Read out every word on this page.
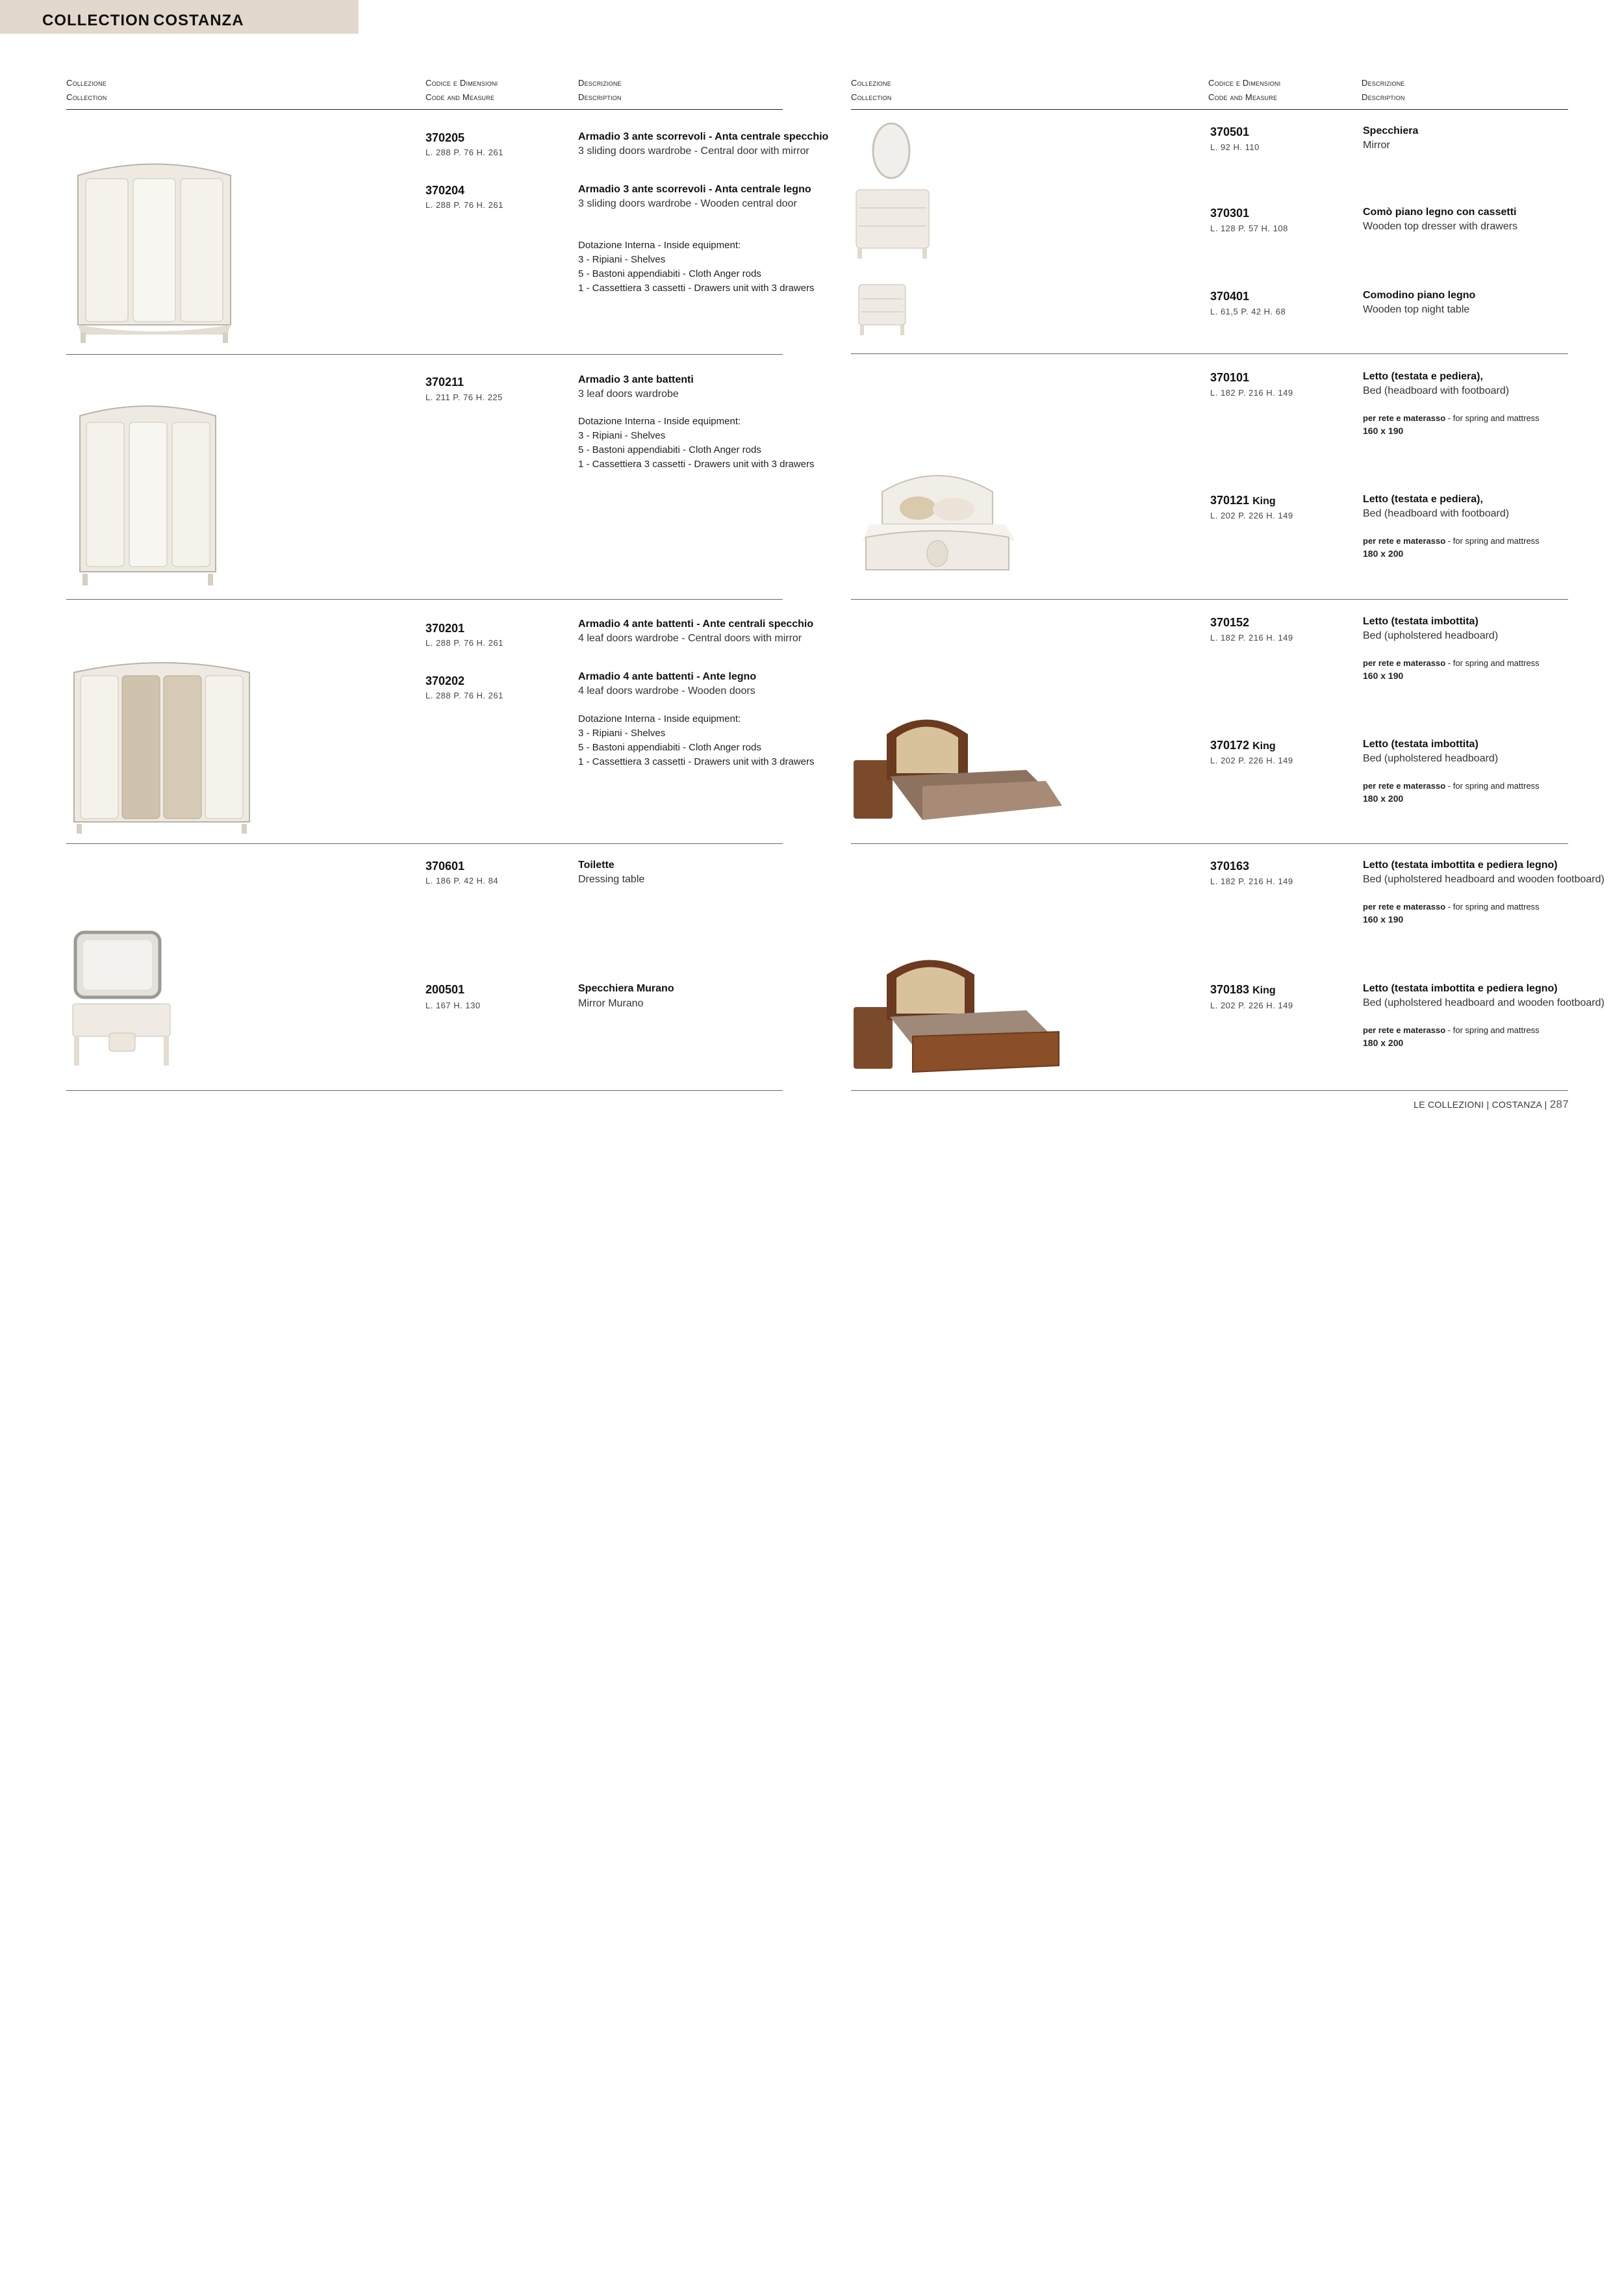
COLLECTION COSTANZA
Collezione
Collection
Codice e Dimensioni
Code and Measure
Descrizione
Description
370205
L. 288 P. 76 H. 261
Armadio 3 ante scorrevoli - Anta centrale specchio
3 sliding doors wardrobe - Central door with mirror
370204
L. 288 P. 76 H. 261
Armadio 3 ante scorrevoli - Anta centrale legno
3 sliding doors wardrobe - Wooden central door
Dotazione Interna - Inside equipment:
3 - Ripiani - Shelves
5 - Bastoni appendiabiti - Cloth Anger rods
1 - Cassettiera 3 cassetti - Drawers unit with 3 drawers
370211
L. 211 P. 76 H. 225
Armadio 3 ante battenti
3 leaf doors wardrobe
Dotazione Interna - Inside equipment:
3 - Ripiani - Shelves
5 - Bastoni appendiabiti - Cloth Anger rods
1 - Cassettiera 3 cassetti - Drawers unit with 3 drawers
370201
L. 288 P. 76 H. 261
Armadio 4 ante battenti - Ante centrali specchio
4 leaf doors wardrobe - Central doors with mirror
370202
L. 288 P. 76 H. 261
Armadio 4 ante battenti - Ante legno
4 leaf doors wardrobe - Wooden doors
Dotazione Interna - Inside equipment:
3 - Ripiani - Shelves
5 - Bastoni appendiabiti - Cloth Anger rods
1 - Cassettiera 3 cassetti - Drawers unit with 3 drawers
370601
L. 186 P. 42 H. 84
Toilette
Dressing table
200501
L. 167 H. 130
Specchiera Murano
Mirror Murano
Collezione
Collection
Codice e Dimensioni
Code and Measure
Descrizione
Description
370501
L. 92 H. 110
Specchiera
Mirror
370301
L. 128 P. 57 H. 108
Comò piano legno con cassetti
Wooden top dresser with drawers
370401
L. 61,5 P. 42 H. 68
Comodino piano legno
Wooden top night table
370101
L. 182 P. 216 H. 149
Letto (testata e pediera),
Bed (headboard with footboard)
per rete e materasso - for spring and mattress
160 x 190
370121 King
L. 202 P. 226 H. 149
Letto (testata e pediera),
Bed (headboard with footboard)
per rete e materasso - for spring and mattress
180 x 200
370152
L. 182 P. 216 H. 149
Letto (testata imbottita)
Bed (upholstered headboard)
per rete e materasso - for spring and mattress
160 x 190
370172 King
L. 202 P. 226 H. 149
Letto (testata imbottita)
Bed (upholstered headboard)
per rete e materasso - for spring and mattress
180 x 200
370163
L. 182 P. 216 H. 149
Letto (testata imbottita e pediera legno)
Bed (upholstered headboard and wooden footboard)
per rete e materasso - for spring and mattress
160 x 190
370183 King
L. 202 P. 226 H. 149
Letto (testata imbottita e pediera legno)
Bed (upholstered headboard and wooden footboard)
per rete e materasso - for spring and mattress
180 x 200
LE COLLEZIONI | COSTANZA | 287
